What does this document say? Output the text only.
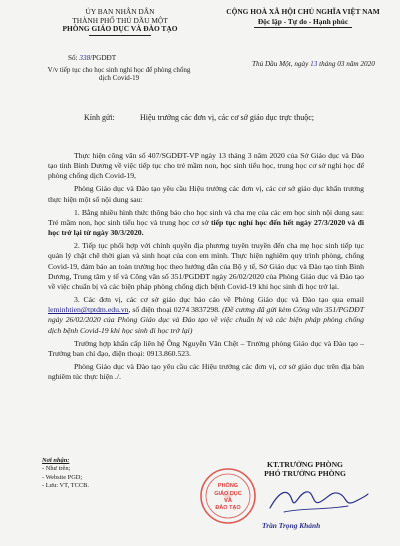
ỦY BAN NHÂN DÂN
THÀNH PHỐ THỦ DẦU MỘT
PHÒNG GIÁO DỤC VÀ ĐÀO TẠO
CỘNG HOÀ XÃ HỘI CHỦ NGHĨA VIỆT NAM
Độc lập - Tự do - Hạnh phúc
Số: 338/PGDĐT
V/v tiếp tục cho học sinh nghỉ học để phòng chống dịch Covid-19
Thủ Dầu Một, ngày 13 tháng 03 năm 2020
Kính gửi:	Hiệu trưởng các đơn vị, các cơ sở giáo dục trực thuộc;

Thực hiện công văn số 407/SGDĐT-VP ngày 13 tháng 3 năm 2020 của Sở Giáo dục và Đào tạo tỉnh Bình Dương về việc tiếp tục cho trẻ mầm non, học sinh tiểu học, trung học cơ sở nghỉ học để phòng chống dịch Covid-19,

Phòng Giáo dục và Đào tạo yêu cầu Hiệu trưởng các đơn vị, các cơ sở giáo dục khẩn trương thực hiện một số nội dung sau:

1. Bằng nhiều hình thức thông báo cho học sinh và cha mẹ của các em học sinh nội dung sau: Trẻ mầm non, học sinh tiểu học và trung học cơ sở tiếp tục nghỉ học đến hết ngày 27/3/2020 và đi học trở lại từ ngày 30/3/2020.

2. Tiếp tục phối hợp với chính quyền địa phương tuyên truyền đến cha mẹ học sinh tiếp tục quản lý chặt chẽ thời gian và sinh hoạt của con em mình. Thực hiện nghiêm quy trình phòng, chống Covid-19, đảm bảo an toàn trường học theo hướng dẫn của Bộ y tế, Sở Giáo dục và Đào tạo tỉnh Bình Dương, Trung tâm y tế và Công văn số 351/PGDĐT ngày 26/02/2020 của Phòng Giáo dục và Đào tạo về việc chuẩn bị và các biện pháp phòng chống dịch bệnh Covid-19 khi học sinh đi học trở lại.

3. Các đơn vị, các cơ sở giáo dục báo cáo về Phòng Giáo dục và Đào tạo qua email leminhtien@tptdm.edu.vn, số điện thoại 0274 3837298. (Đề cương đã gửi kèm Công văn 351/PGDĐT ngày 26/02/2020 của Phòng Giáo dục và Đào tạo về việc chuẩn bị và các biện pháp phòng chống dịch bệnh Covid-19 khi học sinh đi học trở lại)

Trường hợp khẩn cấp liên hệ Ông Nguyễn Văn Chệt – Trưởng phòng Giáo dục và Đào tạo – Trưởng ban chỉ đạo, điện thoại: 0913.860.523.

Phòng Giáo dục và Đào tạo yêu cầu các Hiệu trưởng các đơn vị, cơ sở giáo dục trên địa bàn nghiêm túc thực hiện ./.

Nơi nhận:
- Như trên;
- Website PGD;
- Lưu: VT, TCCB.
KT.TRƯỞNG PHÒNG
PHÓ TRƯỞNG PHÒNG
PHÒNG
GIÁO DỤC
VÀ
ĐÀO TẠO
Trần Trọng Khánh
